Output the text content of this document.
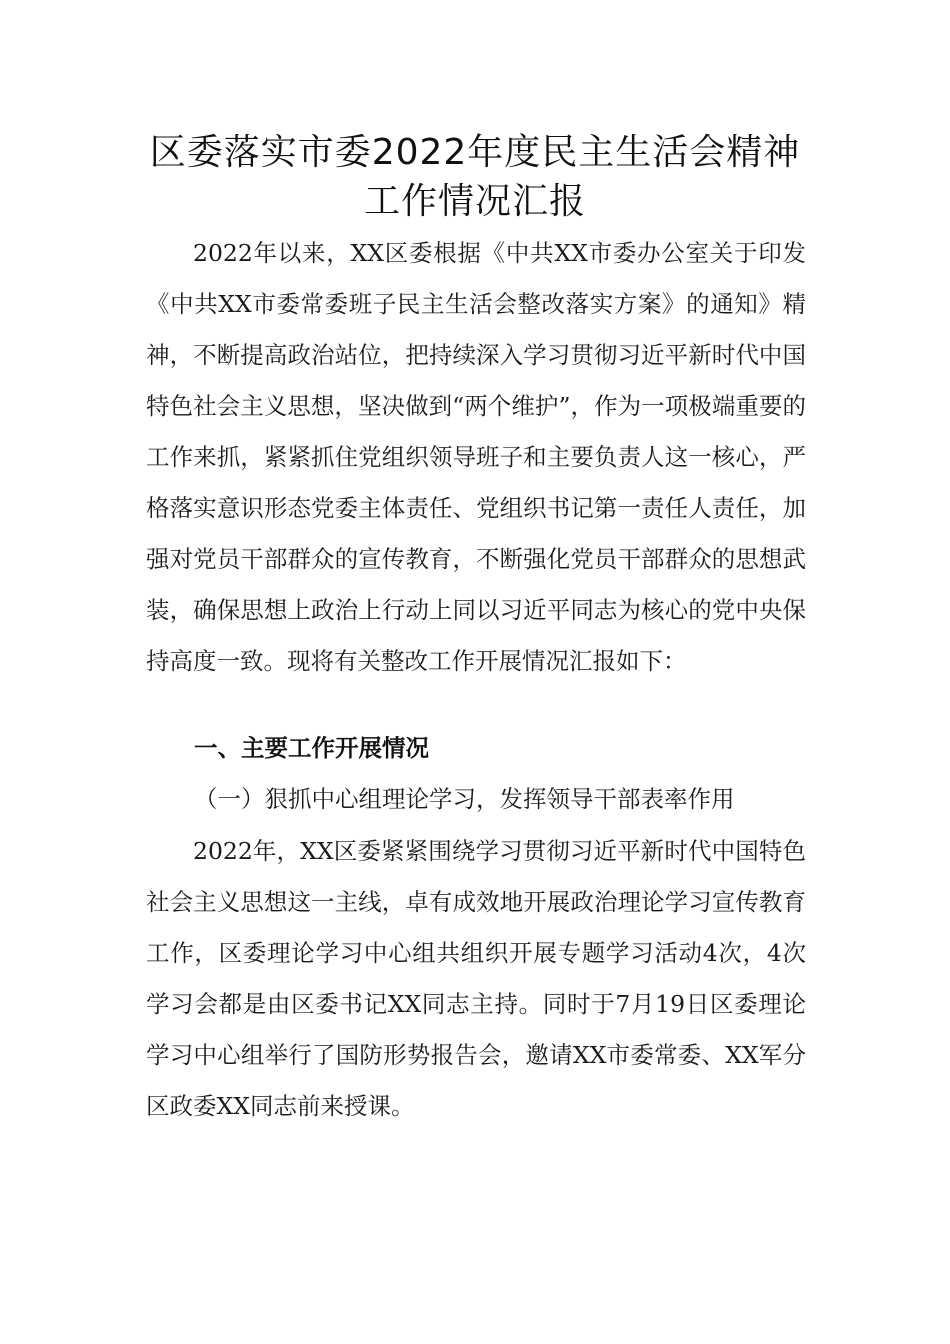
区委落实市委2022年度民主生活会精神
工作情况汇报

2022年以来，XX区委根据《中共XX市委办公室关于印发《中共XX市委常委班子民主生活会整改落实方案》的通知》精神，不断提高政治站位，把持续深入学习贯彻习近平新时代中国特色社会主义思想，坚决做到“两个维护”，作为一项极端重要的工作来抓，紧紧抓住党组织领导班子和主要负责人这一核心，严格落实意识形态党委主体责任、党组织书记第一责任人责任，加强对党员干部群众的宣传教育，不断强化党员干部群众的思想武装，确保思想上政治上行动上同以习近平同志为核心的党中央保持高度一致。现将有关整改工作开展情况汇报如下：

一、主要工作开展情况
（一）狠抓中心组理论学习，发挥领导干部表率作用

2022年，XX区委紧紧围绕学习贯彻习近平新时代中国特色社会主义思想这一主线，卓有成效地开展政治理论学习宣传教育工作，区委理论学习中心组共组织开展专题学习活动4次，4次学习会都是由区委书记XX同志主持。同时于7月19日区委理论学习中心组举行了国防形势报告会，邀请XX市委常委、XX军分区政委XX同志前来授课。
